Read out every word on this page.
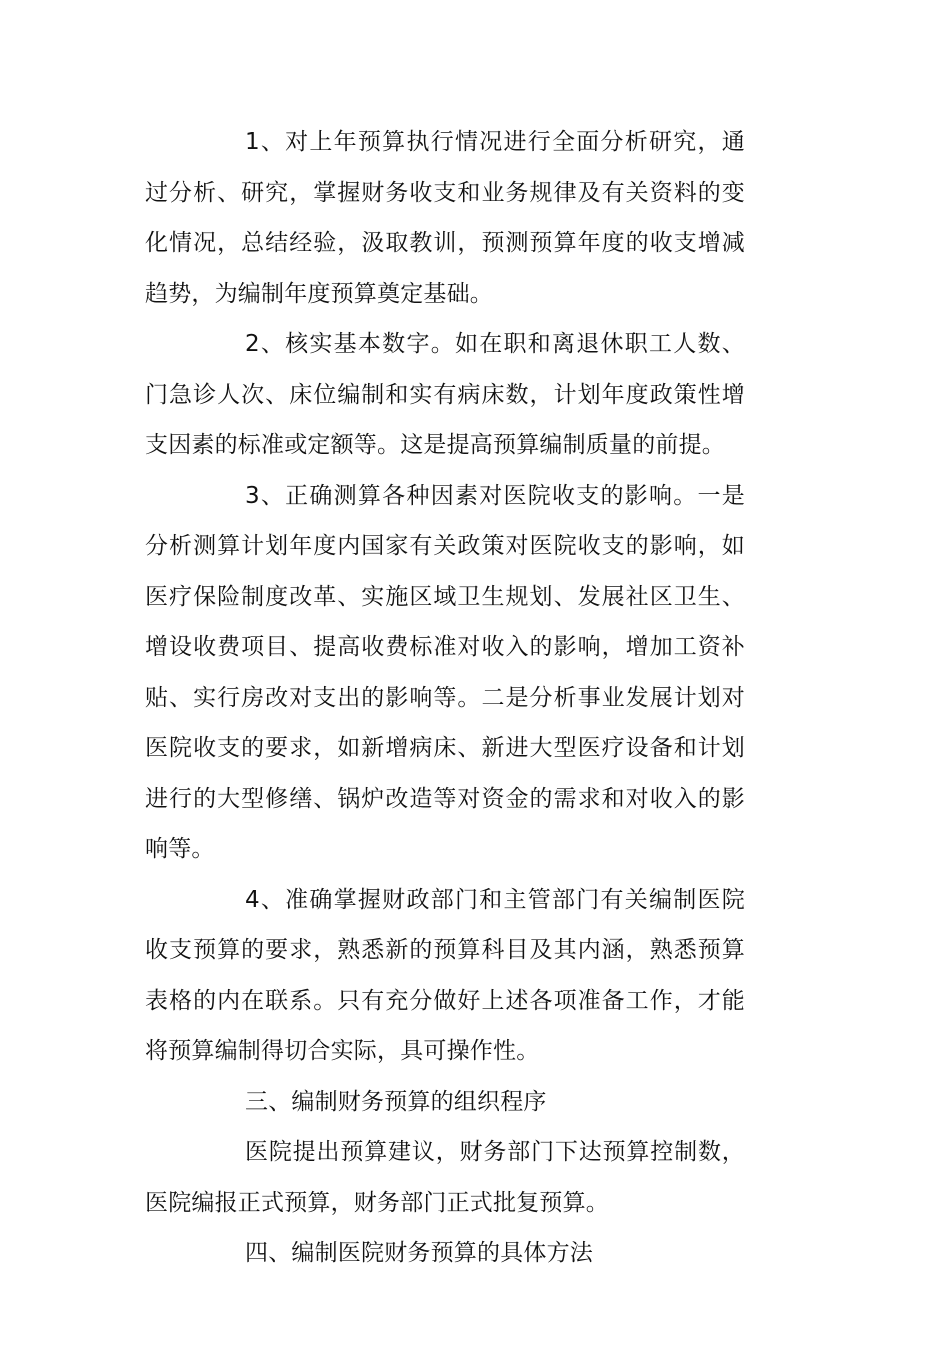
1、对上年预算执行情况进行全面分析研究，通过分析、研究，掌握财务收支和业务规律及有关资料的变化情况，总结经验，汲取教训，预测预算年度的收支增减趋势，为编制年度预算奠定基础。

2、核实基本数字。如在职和离退休职工人数、门急诊人次、床位编制和实有病床数，计划年度政策性增支因素的标准或定额等。这是提高预算编制质量的前提。

3、正确测算各种因素对医院收支的影响。一是分析测算计划年度内国家有关政策对医院收支的影响，如医疗保险制度改革、实施区域卫生规划、发展社区卫生、增设收费项目、提高收费标准对收入的影响，增加工资补贴、实行房改对支出的影响等。二是分析事业发展计划对医院收支的要求，如新增病床、新进大型医疗设备和计划进行的大型修缮、锅炉改造等对资金的需求和对收入的影响等。

4、准确掌握财政部门和主管部门有关编制医院收支预算的要求，熟悉新的预算科目及其内涵，熟悉预算表格的内在联系。只有充分做好上述各项准备工作，才能将预算编制得切合实际，具可操作性。

三、编制财务预算的组织程序

医院提出预算建议，财务部门下达预算控制数，医院编报正式预算，财务部门正式批复预算。

四、编制医院财务预算的具体方法
